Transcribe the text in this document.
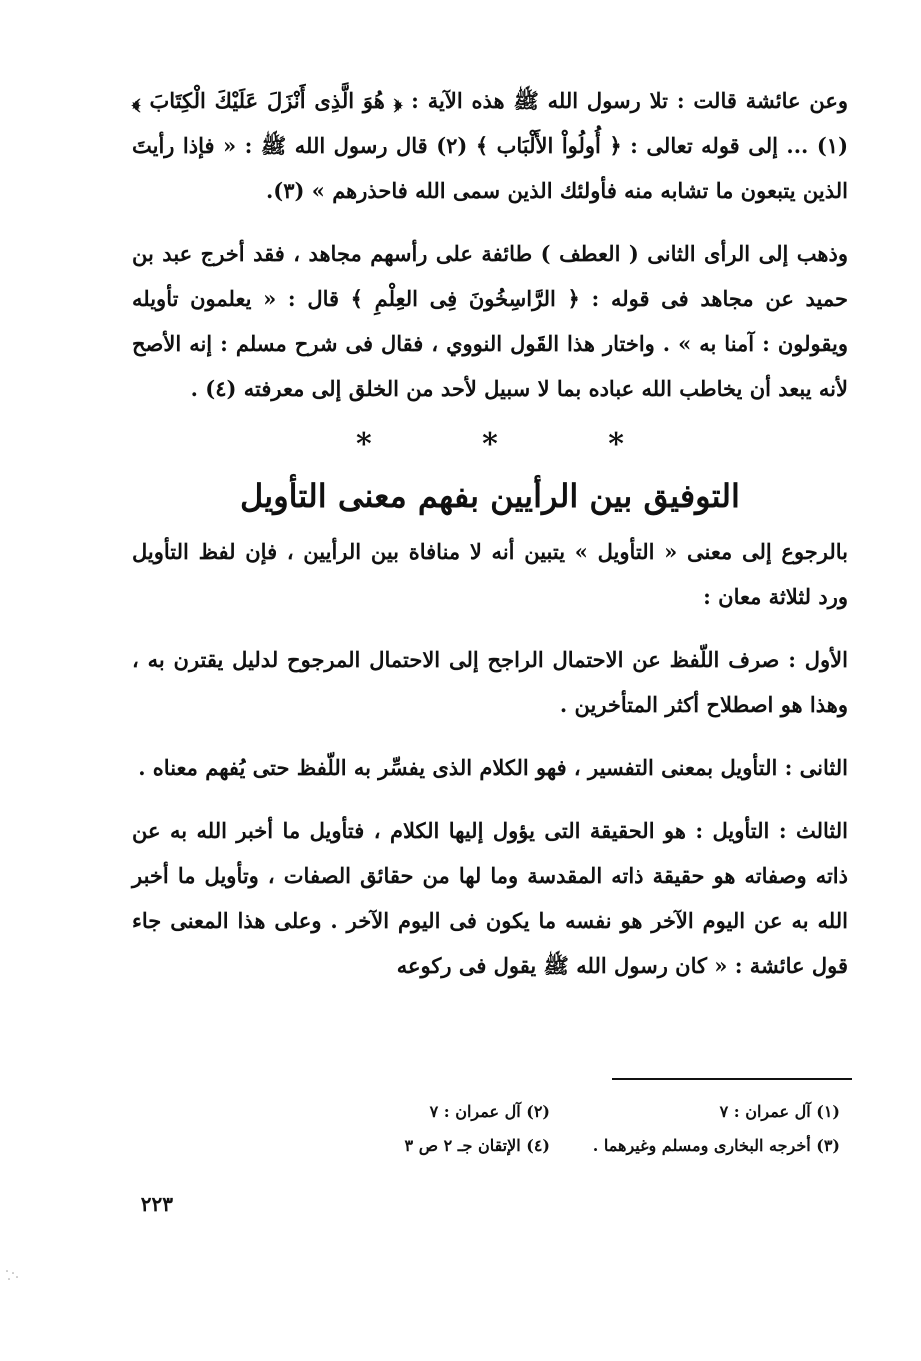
وعن عائشة قالت : تلا رسول الله ﷺ هذه الآية : ﴿ هُوَ الَّذِى أَنْزَلَ عَلَيْكَ الْكِتَابَ ﴾ (١) ... إلى قوله تعالى : ﴿ أُولُواْ الأَلْبَاب ﴾ (٢) قال رسول الله ﷺ : « فإذا رأيتَ الذين يتبعون ما تشابه منه فأولئك الذين سمى الله فاحذرهم » (٣).

وذهب إلى الرأى الثانى ( العطف ) طائفة على رأسهم مجاهد ، فقد أخرج عبد بن حميد عن مجاهد فى قوله : ﴿ الرَّاسِخُونَ فِى العِلْمِ ﴾ قال : « يعلمون تأويله ويقولون : آمنا به » . واختار هذا القَول النووي ، فقال فى شرح مسلم : إنه الأصح لأنه يبعد أن يخاطب الله عباده بما لا سبيل لأحد من الخلق إلى معرفته (٤) .

* * *
التوفيق بين الرأيين بفهم معنى التأويل

بالرجوع إلى معنى « التأويل » يتبين أنه لا منافاة بين الرأيين ، فإن لفظ التأويل ورد لثلاثة معان :

الأول : صرف اللّفظ عن الاحتمال الراجح إلى الاحتمال المرجوح لدليل يقترن به ، وهذا هو اصطلاح أكثر المتأخرين .

الثانى : التأويل بمعنى التفسير ، فهو الكلام الذى يفسِّر به اللّفظ حتى يُفهم معناه .

الثالث : التأويل : هو الحقيقة التى يؤول إليها الكلام ، فتأويل ما أخبر الله به عن ذاته وصفاته هو حقيقة ذاته المقدسة وما لها من حقائق الصفات ، وتأويل ما أخبر الله به عن اليوم الآخر هو نفسه ما يكون فى اليوم الآخر . وعلى هذا المعنى جاء قول عائشة : « كان رسول الله ﷺ يقول فى ركوعه

(١) آل عمران : ٧
(٢) آل عمران : ٧
(٣) أخرجه البخارى ومسلم وغيرهما .
(٤) الإتقان جـ ٢ ص ٣
٢٢٣
